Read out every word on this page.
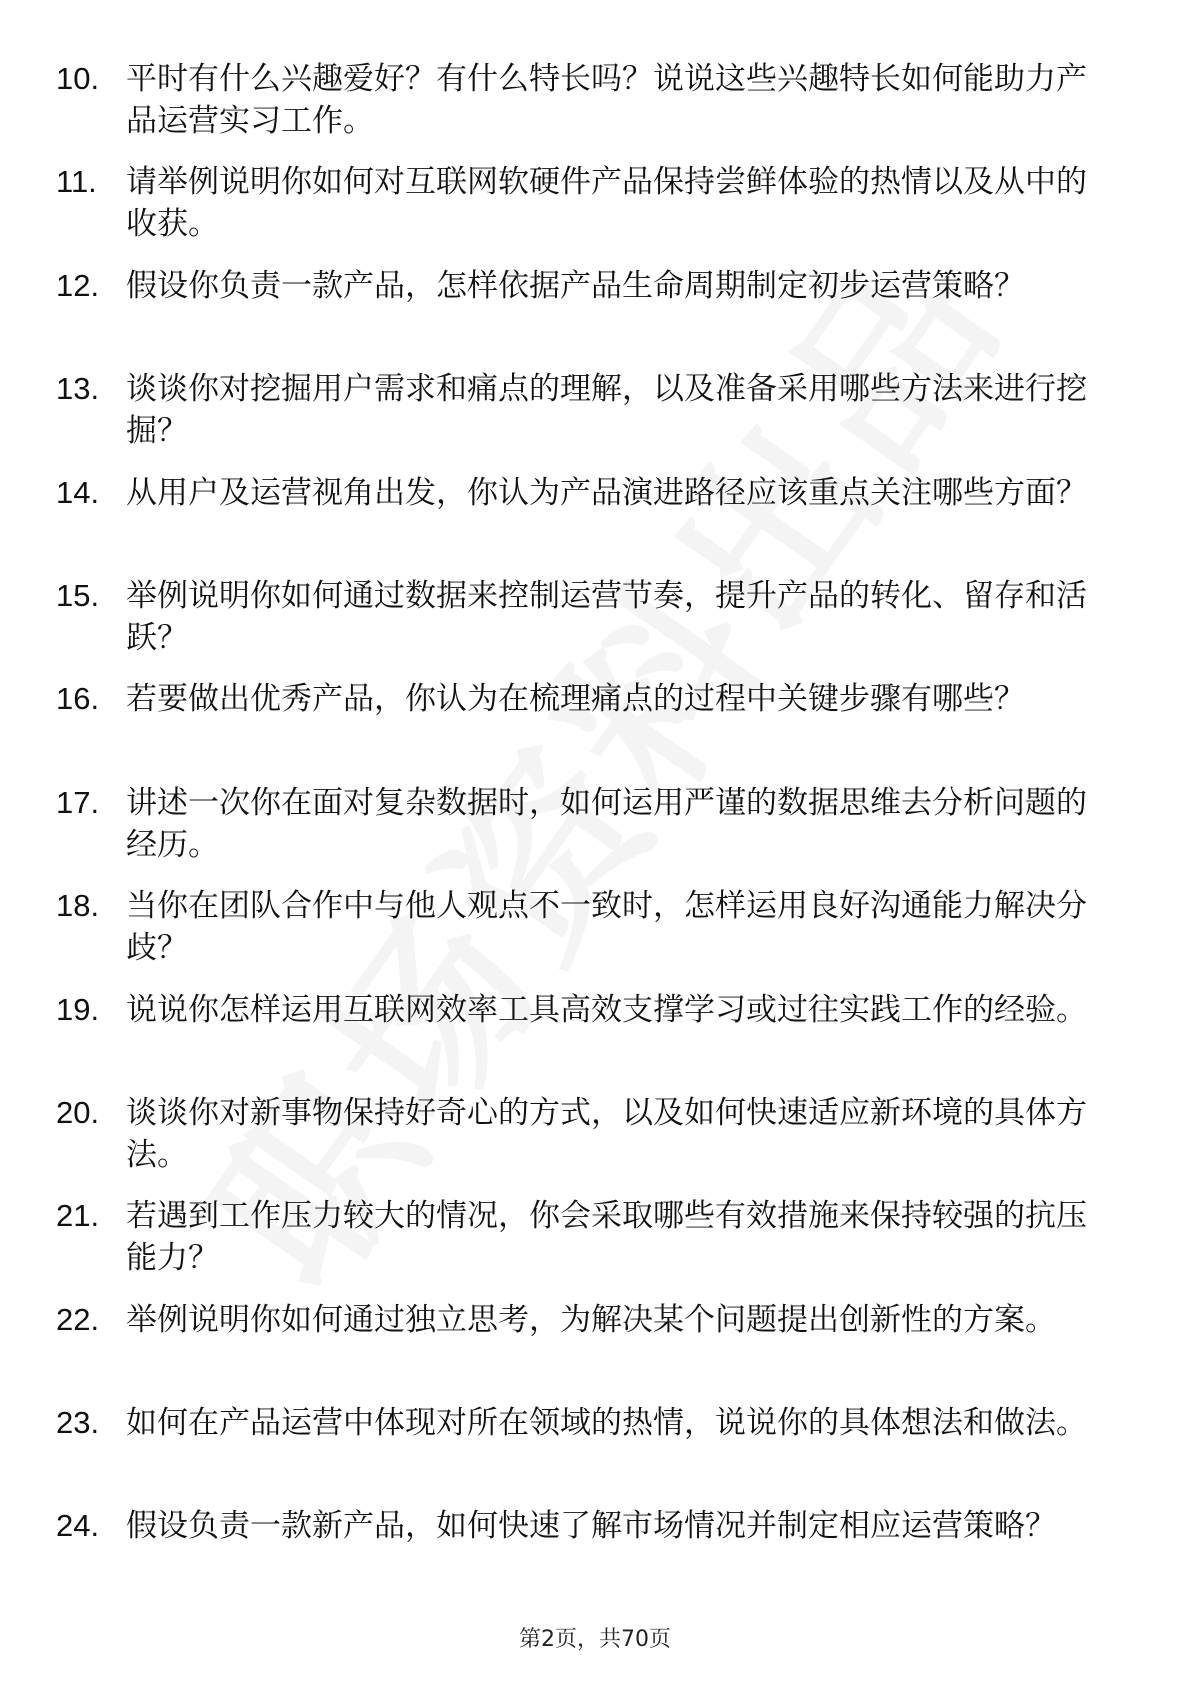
10. 平时有什么兴趣爱好？有什么特长吗？说说这些兴趣特长如何能助力产品运营实习工作。
11. 请举例说明你如何对互联网软硬件产品保持尝鲜体验的热情以及从中的收获。
12. 假设你负责一款产品，怎样依据产品生命周期制定初步运营策略？
13. 谈谈你对挖掘用户需求和痛点的理解，以及准备采用哪些方法来进行挖掘？
14. 从用户及运营视角出发，你认为产品演进路径应该重点关注哪些方面？
15. 举例说明你如何通过数据来控制运营节奏，提升产品的转化、留存和活跃？
16. 若要做出优秀产品，你认为在梳理痛点的过程中关键步骤有哪些？
17. 讲述一次你在面对复杂数据时，如何运用严谨的数据思维去分析问题的经历。
18. 当你在团队合作中与他人观点不一致时，怎样运用良好沟通能力解决分歧？
19. 说说你怎样运用互联网效率工具高效支撑学习或过往实践工作的经验。
20. 谈谈你对新事物保持好奇心的方式，以及如何快速适应新环境的具体方法。
21. 若遇到工作压力较大的情况，你会采取哪些有效措施来保持较强的抗压能力？
22. 举例说明你如何通过独立思考，为解决某个问题提出创新性的方案。
23. 如何在产品运营中体现对所在领域的热情，说说你的具体想法和做法。
24. 假设负责一款新产品，如何快速了解市场情况并制定相应运营策略？
第2页，共70页
